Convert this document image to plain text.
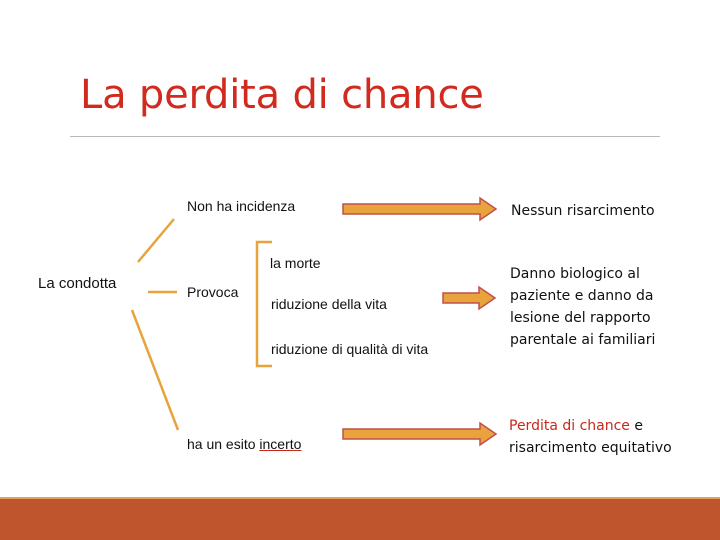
La perdita di chance
La condotta
Non ha incidenza
Provoca
la morte
riduzione della vita
riduzione di qualità di vita
ha un esito incerto
Nessun risarcimento
Danno biologico al
paziente e danno da
lesione del rapporto
parentale ai familiari
Perdita di chance e
risarcimento equitativo
